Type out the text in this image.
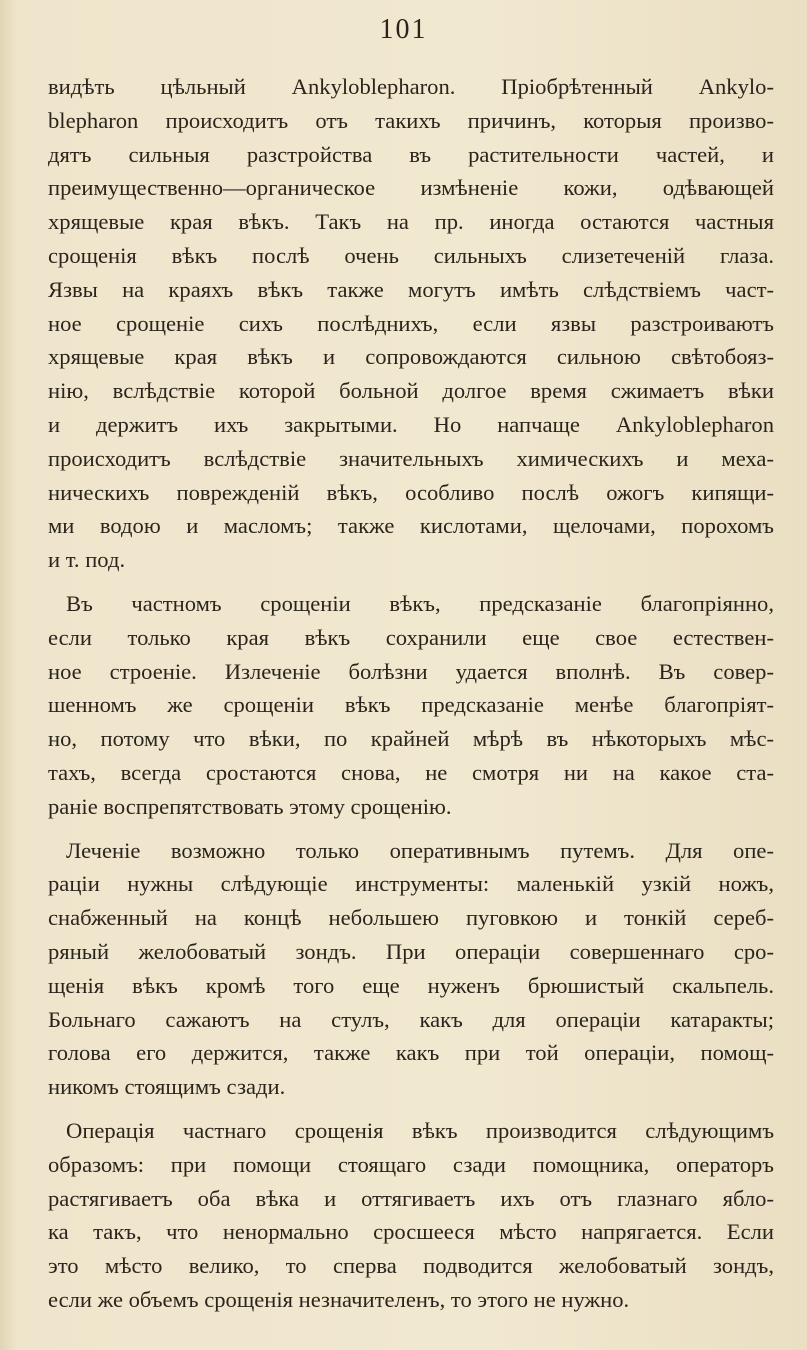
101
видѣть цѣльный Ankyloblepharon. Пріобрѣтенный Ankylo-
blepharon происходитъ отъ такихъ причинъ, которыя произво-
дятъ сильныя разстройства въ растительности частей, и
преимущественно—органическое измѣненіе кожи, одѣвающей
хрящевые края вѣкъ. Такъ на пр. иногда остаются частныя
срощенія вѣкъ послѣ очень сильныхъ слизетеченій глаза.
Язвы на краяхъ вѣкъ также могутъ имѣть слѣдствіемъ част-
ное срощеніе сихъ послѣднихъ, если язвы разстроиваютъ
хрящевые края вѣкъ и сопровождаются сильною свѣтобояз-
нію, вслѣдствіе которой больной долгое время сжимаетъ вѣки
и держитъ ихъ закрытыми. Но напчаще Ankyloblepharon
происходитъ вслѣдствіе значительныхъ химическихъ и меха-
ническихъ поврежденій вѣкъ, особливо послѣ ожогъ кипящи-
ми водою и масломъ; также кислотами, щелочами, порохомъ
и т. под.
Въ частномъ срощеніи вѣкъ, предсказаніе благопріянно,
если только края вѣкъ сохранили еще свое естествен-
ное строеніе. Излеченіе болѣзни удается вполнѣ. Въ совер-
шенномъ же срощеніи вѣкъ предсказаніе менѣе благопріят-
но, потому что вѣки, по крайней мѣрѣ въ нѣкоторыхъ мѣс-
тахъ, всегда сростаются снова, не смотря ни на какое ста-
раніе воспрепятствовать этому срощенію.
Леченіе возможно только оперативнымъ путемъ. Для опе-
раціи нужны слѣдующіе инструменты: маленькій узкій ножъ,
снабженный на концѣ небольшею пуговкою и тонкій сереб-
ряный желобоватый зондъ. При операціи совершеннаго сро-
щенія вѣкъ кромѣ того еще нуженъ брюшистый скальпель.
Больнаго сажаютъ на стулъ, какъ для операціи катаракты;
голова его держится, также какъ при той операціи, помощ-
никомъ стоящимъ сзади.
Операція частнаго срощенія вѣкъ производится слѣдующимъ
образомъ: при помощи стоящаго сзади помощника, операторъ
растягиваетъ оба вѣка и оттягиваетъ ихъ отъ глазнаго ябло-
ка такъ, что ненормально сросшееся мѣсто напрягается. Если
это мѣсто велико, то сперва подводится желобоватый зондъ,
если же объемъ срощенія незначителенъ, то этого не нужно.
